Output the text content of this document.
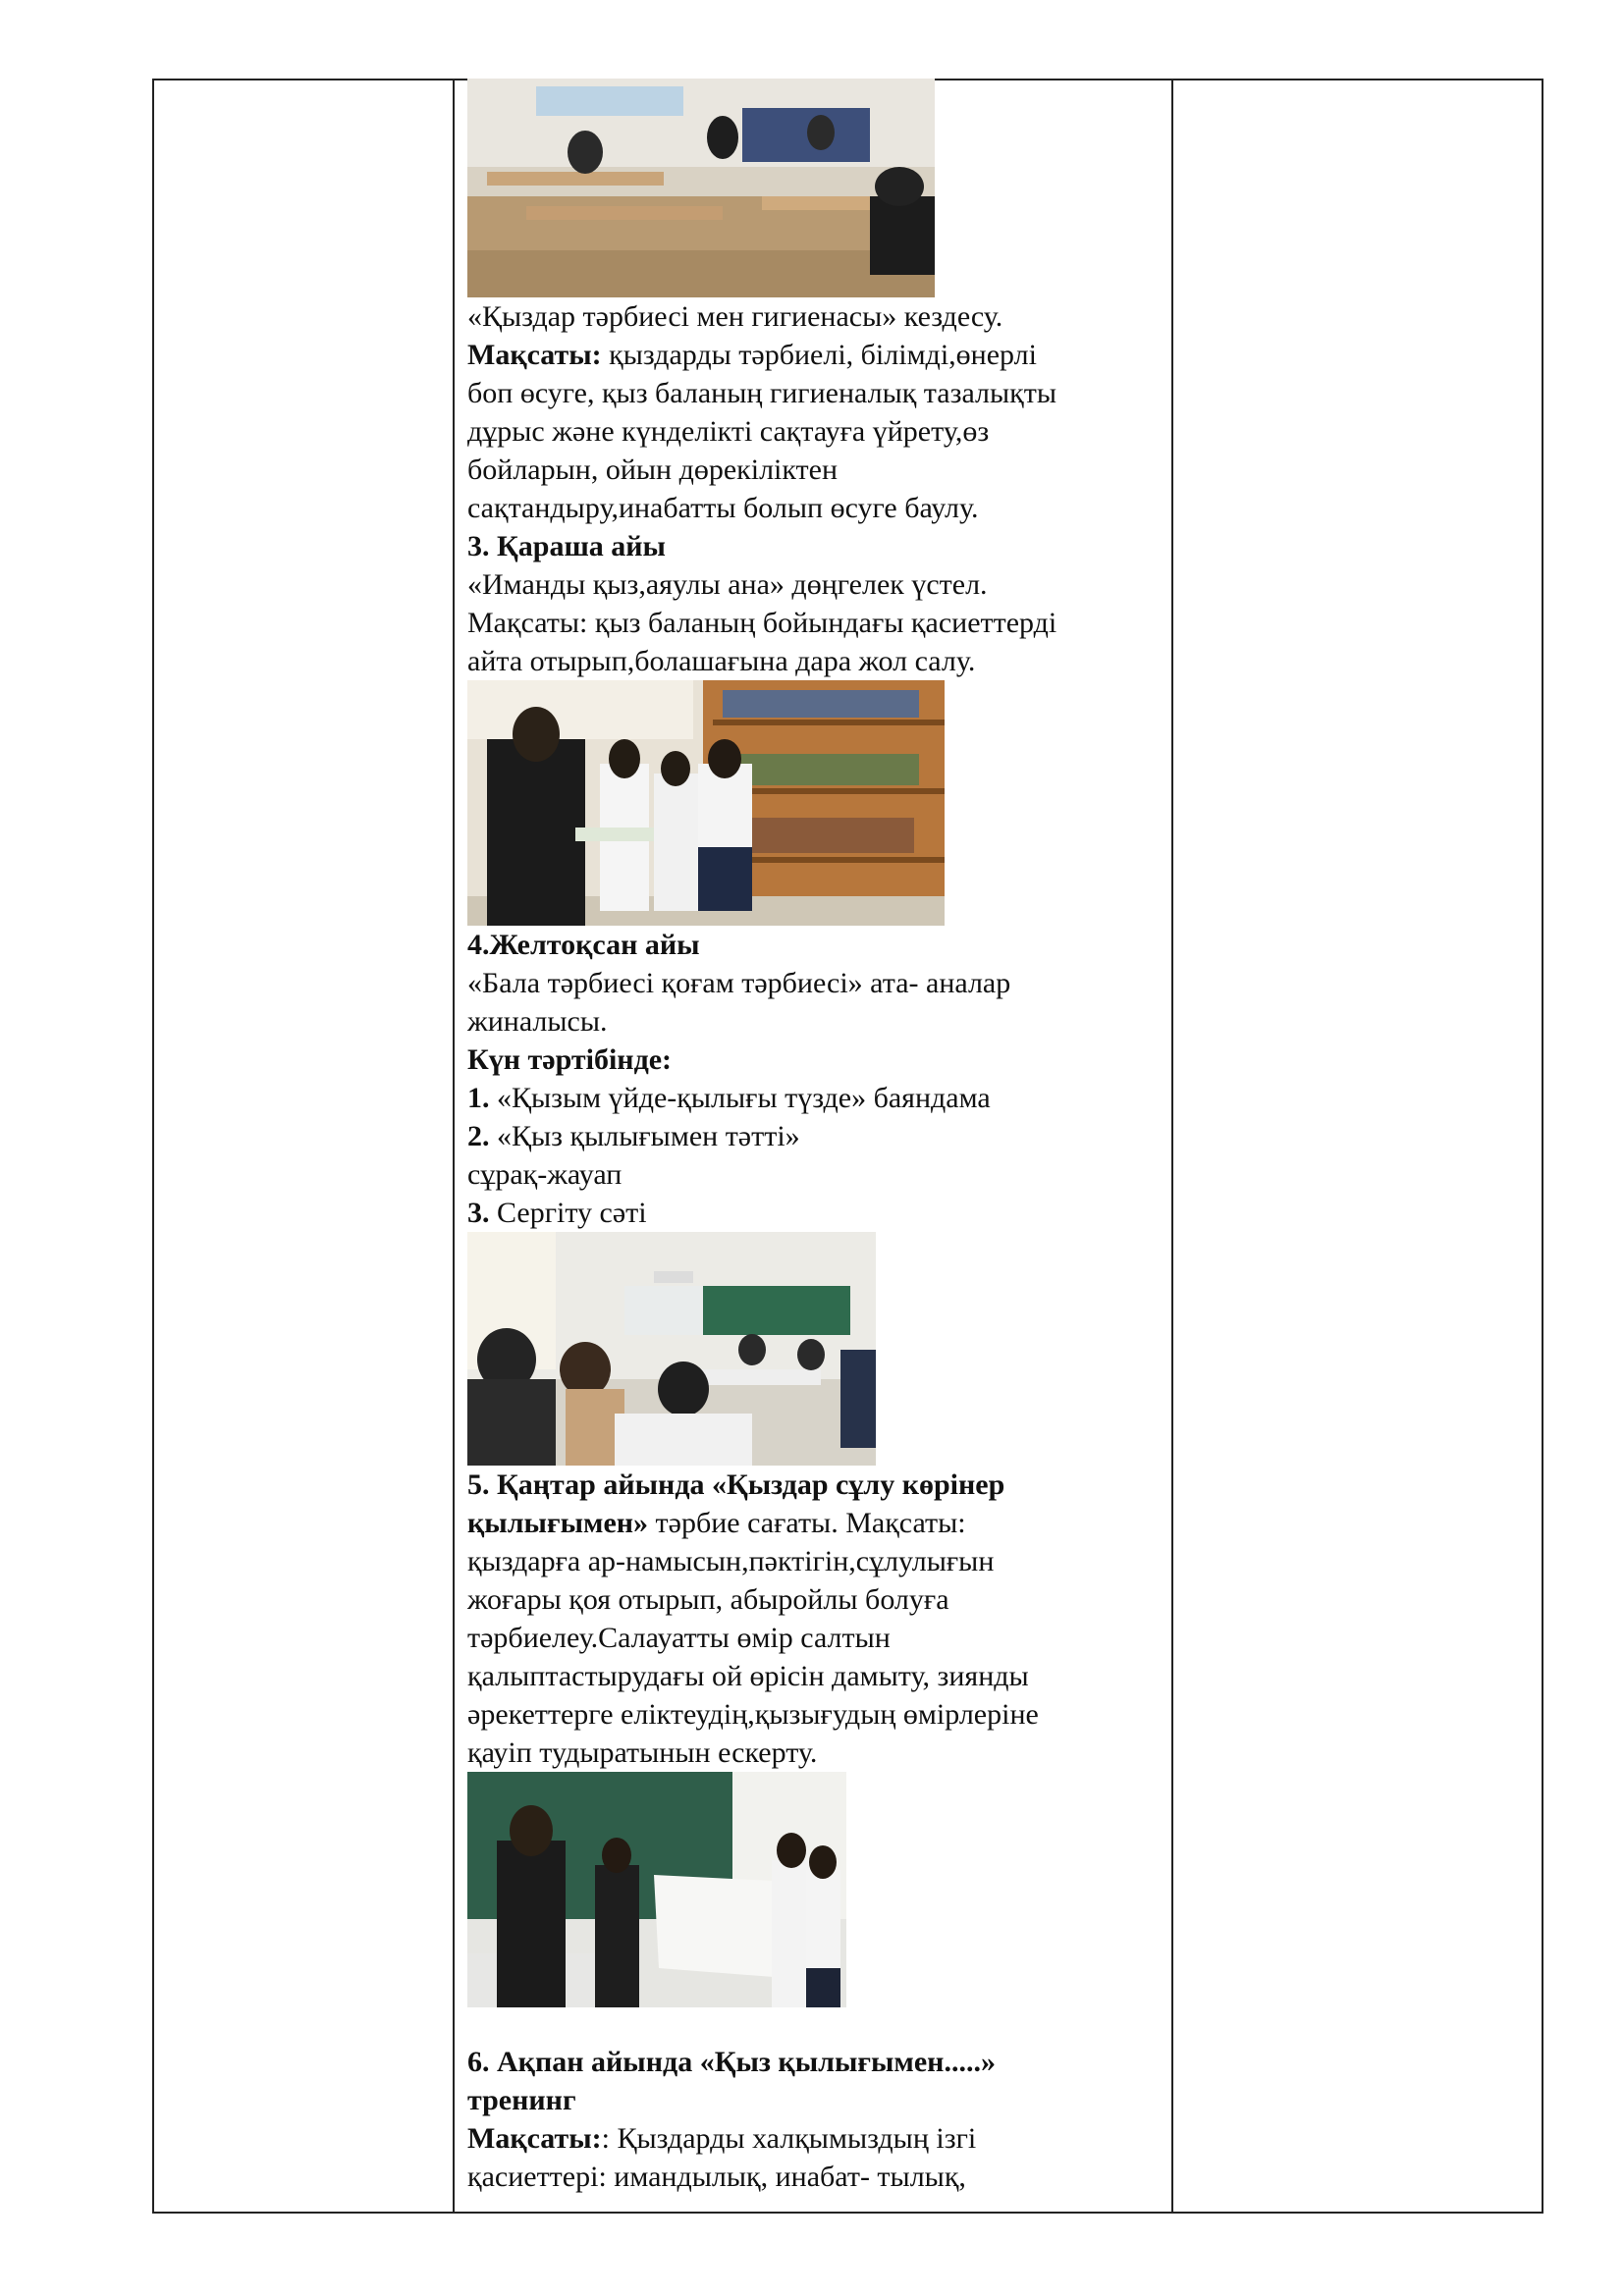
«Қыздар тәрбиесі мен гигиенасы» кездесу.
Мақсаты: қыздарды тәрбиелі, білімді,өнерлі
боп өсуге, қыз баланың гигиеналық тазалықты
дұрыс және күнделікті сақтауға үйрету,өз
бойларын, ойын дөрекіліктен
сақтандыру,инабатты болып өсуге баулу.
3. Қараша айы
«Иманды қыз,аяулы ана» дөңгелек үстел.
Мақсаты: қыз баланың бойындағы қасиеттерді
айта отырып,болашағына дара жол салу.
4.Желтоқсан айы
«Бала тәрбиесі қоғам тәрбиесі» ата- аналар
жиналысы.
Күн тәртібінде:
1. «Қызым үйде-қылығы түзде» баяндама
2. «Қыз қылығымен тәтті»
сұрақ-жауап
3. Сергіту сәті
5. Қаңтар айында «Қыздар сұлу көрінер
қылығымен» тәрбие сағаты. Мақсаты:
қыздарға ар-намысын,пәктігін,сұлулығын
жоғары қоя отырып, абыройлы болуға
тәрбиелеу.Салауатты өмір салтын
қалыптастырудағы ой өрісін дамыту, зиянды
әрекеттерге еліктеудің,қызығудың өмірлеріне
қауіп тудыратынын ескерту.
6. Ақпан айында «Қыз қылығымен.....»
тренинг
Мақсаты:: Қыздарды халқымыздың ізгі
қасиеттері: имандылық, инабат- тылық,
